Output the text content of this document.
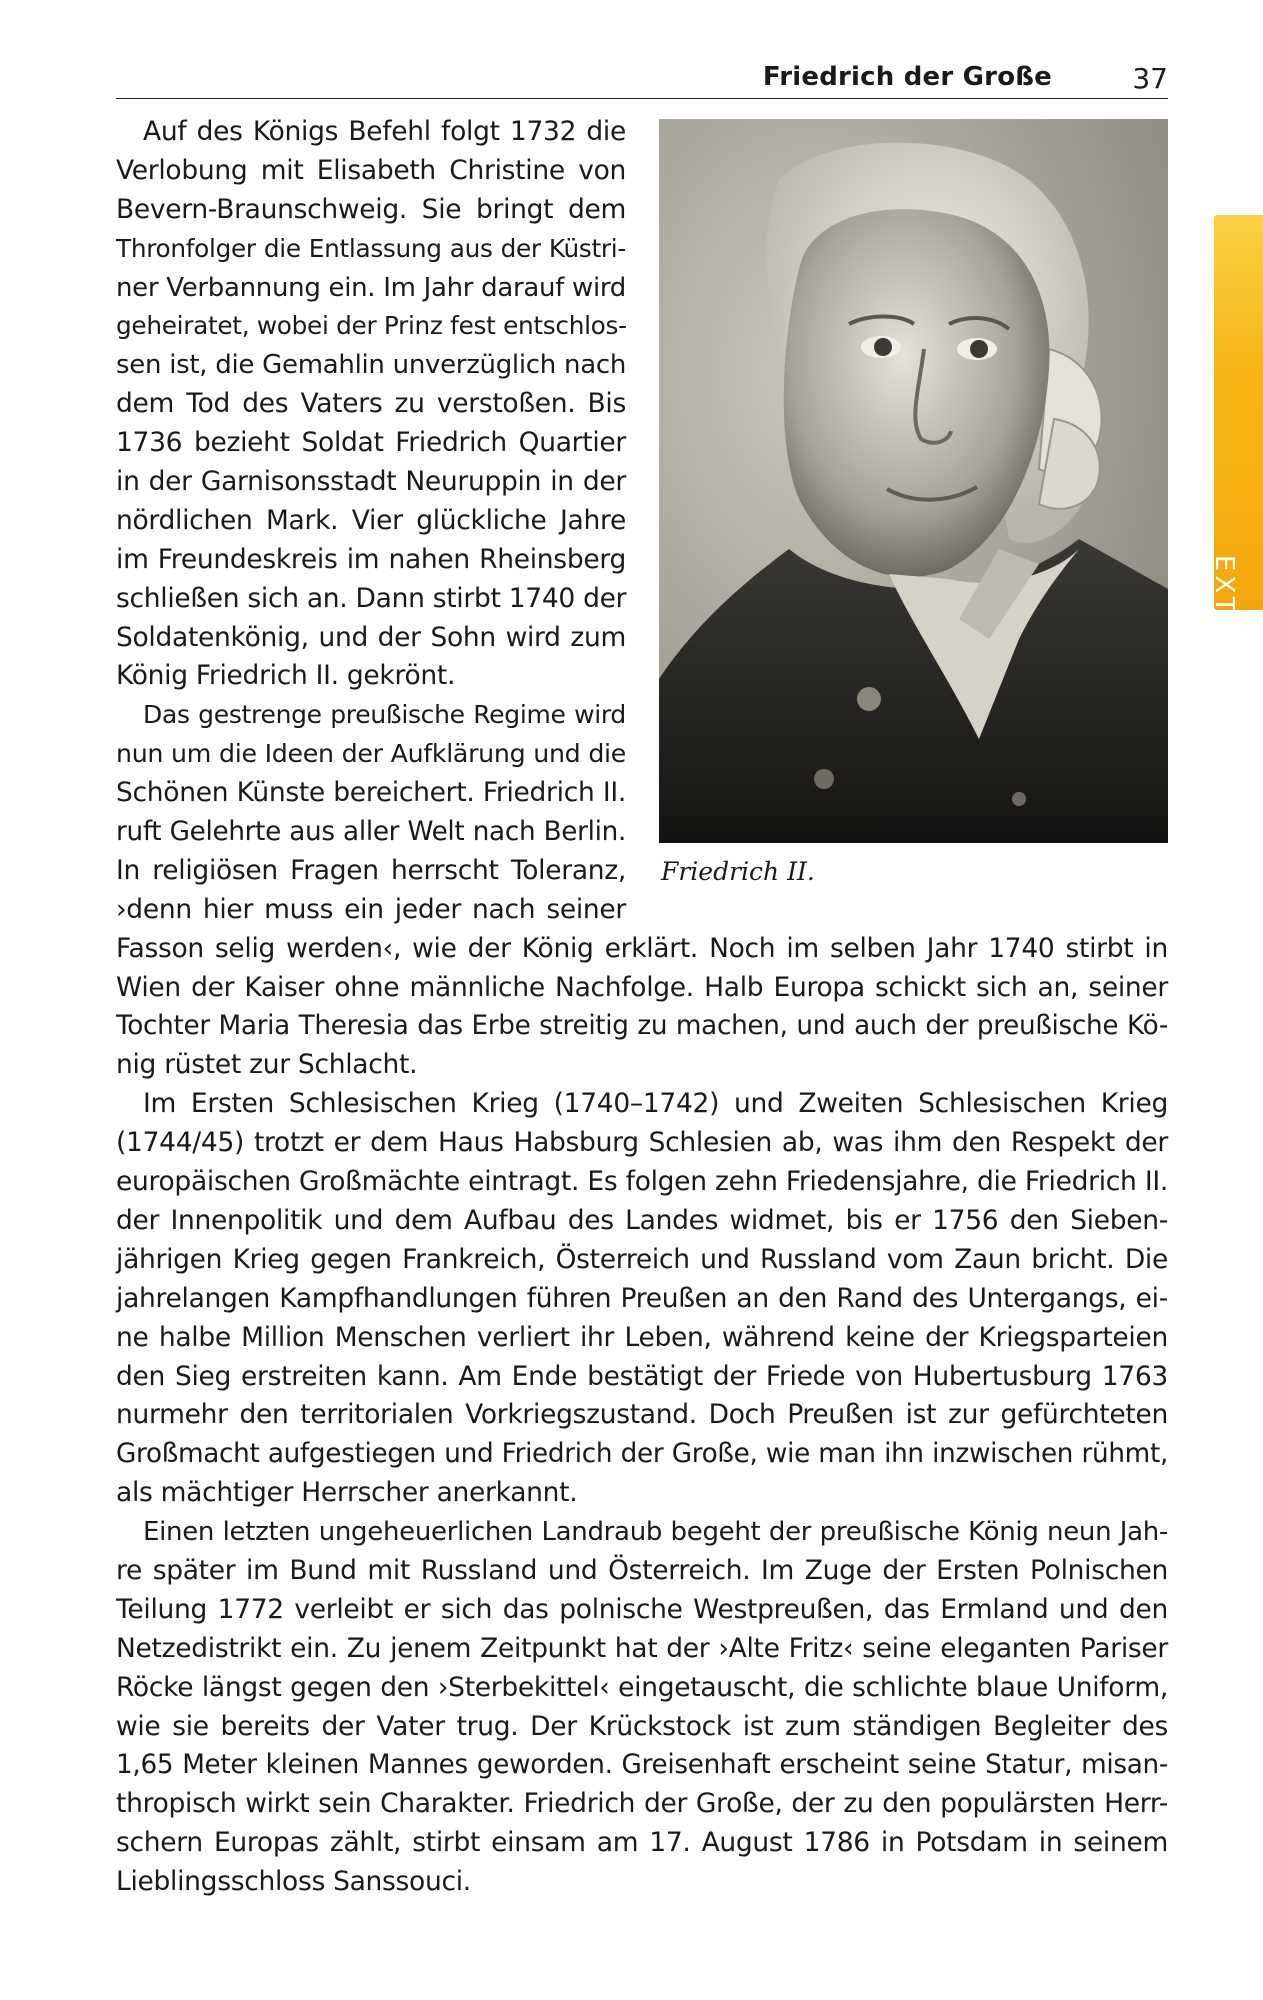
Friedrich der Große	37
EXTRA
Friedrich II.
Auf des Königs Befehl folgt 1732 die
Verlobung mit Elisabeth Christine von
Bevern-Braunschweig. Sie bringt dem
Thronfolger die Entlassung aus der Küstri-
ner Verbannung ein. Im Jahr darauf wird
geheiratet, wobei der Prinz fest entschlos-
sen ist, die Gemahlin unverzüglich nach
dem Tod des Vaters zu verstoßen. Bis
1736 bezieht Soldat Friedrich Quartier
in der Garnisonsstadt Neuruppin in der
nördlichen Mark. Vier glückliche Jahre
im Freundeskreis im nahen Rheinsberg
schließen sich an. Dann stirbt 1740 der
Soldatenkönig, und der Sohn wird zum
König Friedrich II. gekrönt.
Das gestrenge preußische Regime wird
nun um die Ideen der Aufklärung und die
Schönen Künste bereichert. Friedrich II.
ruft Gelehrte aus aller Welt nach Berlin.
In religiösen Fragen herrscht Toleranz,
›denn hier muss ein jeder nach seiner
Fasson selig werden‹, wie der König erklärt. Noch im selben Jahr 1740 stirbt in
Wien der Kaiser ohne männliche Nachfolge. Halb Europa schickt sich an, seiner
Tochter Maria Theresia das Erbe streitig zu machen, und auch der preußische Kö-
nig rüstet zur Schlacht.
Im Ersten Schlesischen Krieg (1740–1742) und Zweiten Schlesischen Krieg
(1744/45) trotzt er dem Haus Habsburg Schlesien ab, was ihm den Respekt der
europäischen Großmächte eintragt. Es folgen zehn Friedensjahre, die Friedrich II.
der Innenpolitik und dem Aufbau des Landes widmet, bis er 1756 den Sieben-
jährigen Krieg gegen Frankreich, Österreich und Russland vom Zaun bricht. Die
jahrelangen Kampfhandlungen führen Preußen an den Rand des Untergangs, ei-
ne halbe Million Menschen verliert ihr Leben, während keine der Kriegsparteien
den Sieg erstreiten kann. Am Ende bestätigt der Friede von Hubertusburg 1763
nurmehr den territorialen Vorkriegszustand. Doch Preußen ist zur gefürchteten
Großmacht aufgestiegen und Friedrich der Große, wie man ihn inzwischen rühmt,
als mächtiger Herrscher anerkannt.
Einen letzten ungeheuerlichen Landraub begeht der preußische König neun Jah-
re später im Bund mit Russland und Österreich. Im Zuge der Ersten Polnischen
Teilung 1772 verleibt er sich das polnische Westpreußen, das Ermland und den
Netzedistrikt ein. Zu jenem Zeitpunkt hat der ›Alte Fritz‹ seine eleganten Pariser
Röcke längst gegen den ›Sterbekittel‹ eingetauscht, die schlichte blaue Uniform,
wie sie bereits der Vater trug. Der Krückstock ist zum ständigen Begleiter des
1,65 Meter kleinen Mannes geworden. Greisenhaft erscheint seine Statur, misan-
thropisch wirkt sein Charakter. Friedrich der Große, der zu den populärsten Herr-
schern Europas zählt, stirbt einsam am 17. August 1786 in Potsdam in seinem
Lieblingsschloss Sanssouci.
